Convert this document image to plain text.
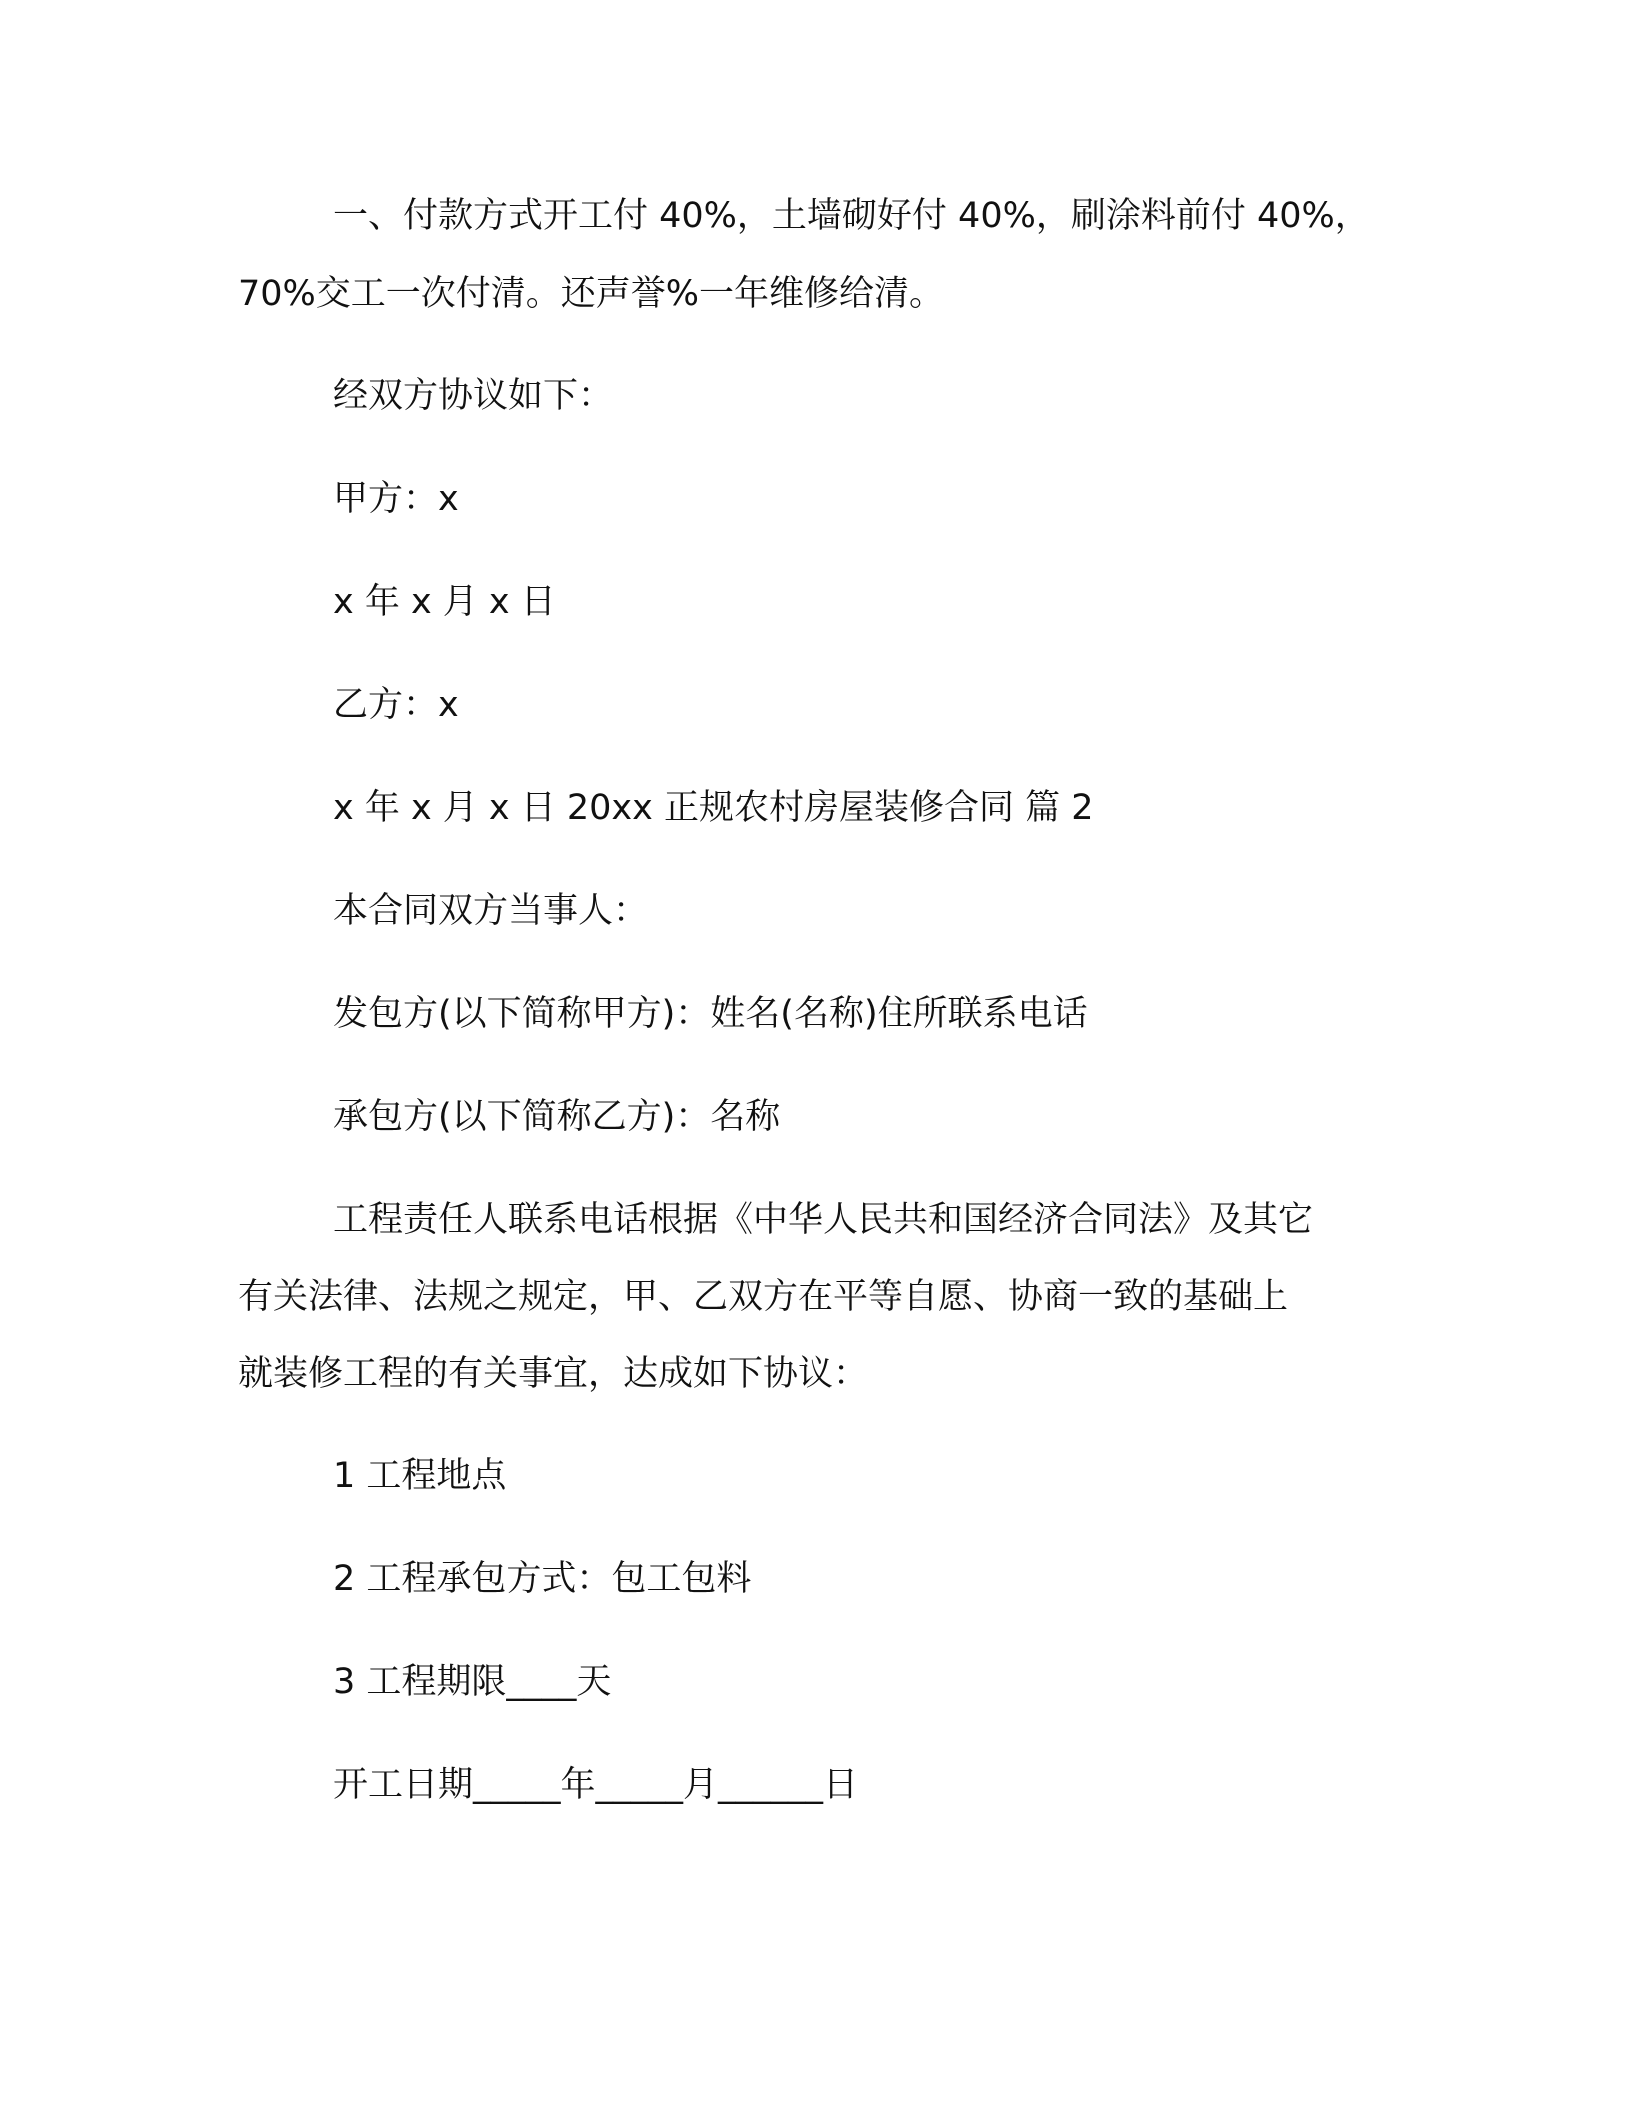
一、付款方式开工付 40%，土墙砌好付 40%，刷涂料前付 40%，
70%交工一次付清。还声誉%一年维修给清。
经双方协议如下：
甲方：x
x 年 x 月 x 日
乙方：x
x 年 x 月 x 日 20xx 正规农村房屋装修合同 篇 2
本合同双方当事人：
发包方(以下简称甲方)：姓名(名称)住所联系电话
承包方(以下简称乙方)：名称
工程责任人联系电话根据《中华人民共和国经济合同法》及其它
有关法律、法规之规定，甲、乙双方在平等自愿、协商一致的基础上
就装修工程的有关事宜，达成如下协议：
1 工程地点
2 工程承包方式：包工包料
3 工程期限____天
开工日期_____年_____月______日
